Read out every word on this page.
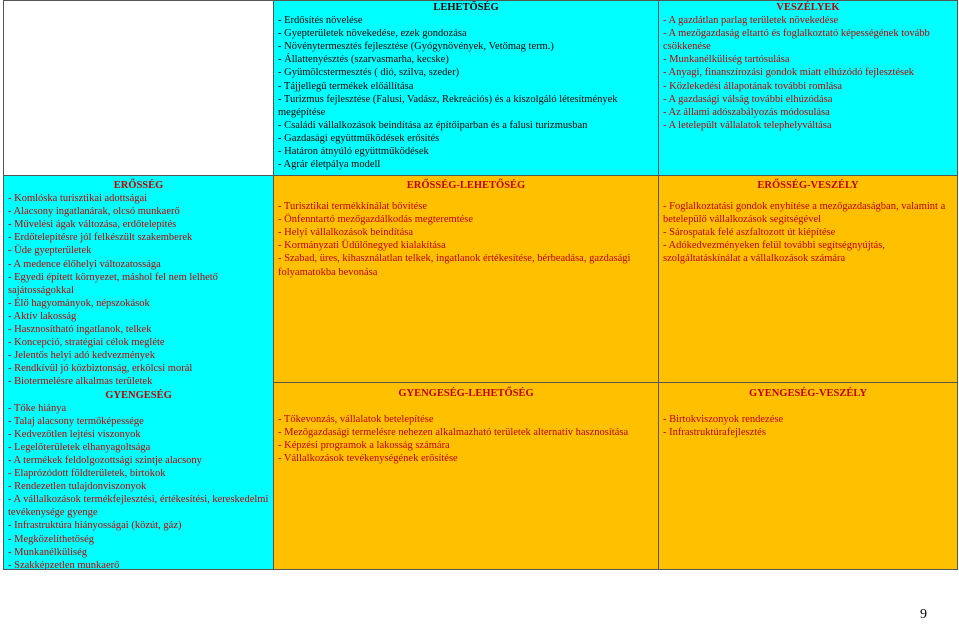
LEHETŐSÉG
- Erdősítés növelése
- Gyepterületek növekedése, ezek gondozása
- Növénytermesztés fejlesztése (Gyógynövények, Vetőmag term.)
- Állattenyésztés (szarvasmarha, kecske)
- Gyümölcstermesztés ( dió, szilva, szeder)
- Tájjellegű termékek előállítása
- Turizmus fejlesztése (Falusi, Vadász, Rekreációs) és a kiszolgáló létesítmények megépítése
- Családi vállalkozások beindítása az építőiparban és a falusi turizmusban
- Gazdasági együttműködések erősítés
- Határon átnyúló együttműködések
- Agrár életpálya modell
VESZÉLYEK
- A gazdátlan parlag területek növekedése
- A mezőgazdaság eltartó és foglalkoztató képességének tovább csökkenése
- Munkanélküliség tartósulása
- Anyagi, finanszírozási gondok miatt elhúzódó fejlesztések
- Közlekedési állapotának további romlása
- A gazdasági válság további elhúzódása
- Az állami adószabályozás módosulása
- A letelepült vállalatok telephelyváltása
ERŐSSÉG
- Komlóska turisztikai adottságai
- Alacsony ingatlanárak, olcsó munkaerő
- Művelési ágak változása, erdőtelepítés
- Erdőtelepítésre jól felkészült szakemberek
- Üde gyepterületek
- A medence élőhelyi változatossága
- Egyedi épített környezet, máshol fel nem lelhető sajátosságokkal
- Élő hagyományok, népszokások
- Aktív lakosság
- Hasznosítható ingatlanok, telkek
- Koncepció, stratégiai célok megléte
- Jelentős helyi adó kedvezmények
- Rendkívül jó közbiztonság, erkölcsi morál
- Biotermelésre alkalmas területek
GYENGESÉG
- Tőke hiánya
- Talaj alacsony termőképessége
- Kedvezőtlen lejtési viszonyok
- Legelőterületek elhanyagoltsága
- A termékek feldolgozottsági szintje alacsony
- Elaprózódott földterületek, birtokok
- Rendezetlen tulajdonviszonyok
- A vállalkozások termékfejlesztési, értékesítési, kereskedelmi tevékenysége gyenge
- Infrastruktúra hiányosságai (közút, gáz)
- Megközelíthetőség
- Munkanélküliség
- Szakképzetlen munkaerő
ERŐSSÉG-LEHETŐSÉG
- Turisztikai termékkínálat bővítése
- Önfenntartó mezőgazdálkodás megteremtése
- Helyi vállalkozások beindítása
- Kormányzati Üdülőnegyed kialakítása
- Szabad, üres, kihasználatlan telkek, ingatlanok értékesítése, bérbeadása, gazdasági folyamatokba bevonása
ERŐSSÉG-VESZÉLY
- Foglalkoztatási gondok enyhítése a mezőgazdaságban, valamint a betelepülő vállalkozások segítségével
- Sárospatak felé aszfaltozott út kiépítése
- Adókedvezményeken felül további segítségnyújtás, szolgáltatáskínálat a vállalkozások számára
GYENGESÉG-LEHETŐSÉG
- Tőkevonzás, vállalatok betelepítése
- Mezőgazdasági termelésre nehezen alkalmazható területek alternatív hasznosítása
- Képzési programok a lakosság számára
- Vállalkozások tevékenységének erősítése
GYENGESÉG-VESZÉLY
- Birtokviszonyok rendezése
- Infrastruktúrafejlesztés
9
